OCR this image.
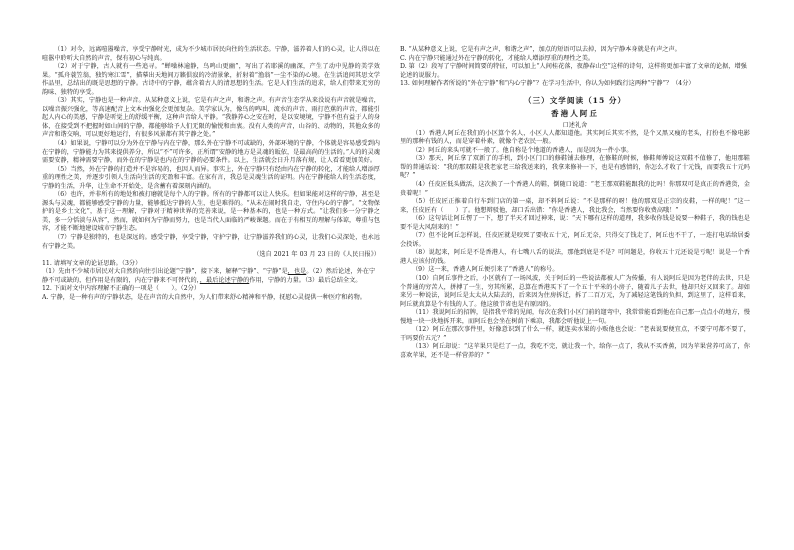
（1）对今，远离喧嚣噪音，享受宁静时光，成为不少城市居民向往的生活状态。宁静，滋养着人们的心灵，让人得以在喧嚣中聆听大自然的声音，保有初心与纯真。

（2）对于宁静，古人就有一些追寻。“蝉噪林逾静，鸟鸣山更幽”，写出了若耶溪的幽深，产生了动中见静的美学效果。“孤舟蓑笠翁，独钓寒江雪”，描摹出天地间万籁俱寂的冷清景象，折射着“渔翁”一尘不染的心境。在生活追问其思文学作品里，总结出的既是思想的宁静。古诗中的宁静，蕴含着古人的清思想的生活。它是人们生活的追求，给人们带来无穷的韵味、独特的享受。

（3）其实，宁静也是一种声音。从某种意义上说，它是有声之声，和谐之声。有声音生态学从来没说有声音就是噪音，以噪音振兴强化，等高速配音上文本由强化会更加复杂。美学家认为，像鸟的鸣叫、流水的声音、雨打芭蕉的声音，都能引起人内心的美感，宁静是听觉上的舒缓平衡，这种声音给人平静。“我静养心之安在时，是以安境境，宁静不但有益于人的身体，在接受到不把握时如山间的宁静，都能够给予人们无限的愉悦和由衷。没有人类的声音，山谷的、动物的，其他众多的声音和谐交响，可以更好地运行，有很多风景都有其宁静之处。”

（4）如果说，宁静可以分为外在宁静与内在宁静，那么外在宁静不可或缺的，外部环境的宁静，个体就是容易感受到内在宁静的，宁静能力为其来提供养分，所以“不”可许多，正所谓“安静的地方是灵魂的皈依，是最高尚的生活的。”人的的灵魂需要安静，精神需要宁静，而外在的宁静是也内在的宁静的必要条件。以上，生活就会日升月落有规，让人看看更加美好。

（5）当然，外在宁静的打造并不是容易的，也因人而异。事实上，外在宁静只有经由内在宁静的转化，才能给人增添厚重的理性之美，并逐步引领人生活向生活的充盈和丰富。在家有言，我总是灵魂生活的证明。内在宁静能给人的生活态度，宁静的生活，升华，让生命不开始处，是含蓄有着深刻内涵的。

（6）也许，并非所有的地处和被打磨就是每个人的宁静。所有的宁静都可以让人快乐。但如果能对这样的宁静，甚至是源头与灵魂，都能够感受宁静的力量，能够抵达宁静的人生，也是难得的。“从未在闹时我自走，守住内心的宁静”。“文物保护的是乡土文化”，基于这一理解，宁静对于精神世界的完善来说，是一种基本的，也是一种方式。“让我们多一分宁静之美，多一分恬淡与从容”，然而，就如何为宁静而努力，也是当代人面临的严峻课题。而在于有相互的理解与体谅，尊重与包容，才能不断地建设城市宁静生态。

（7）宁静是独特的，也是深远的。感受宁静，享受宁静，守护宁静，让宁静滋养我们的心灵，让我们心灵深处，也永远有宁静之美。

（选自 2021 年 03 月 23 日的《人民日报》）

11. 请填写文章的论证思路。（3分）

（1）先由不少城市居民对大自然的向往引出论题“宁静”，接下来，解释“宁静”、“宁静”是，也是。（2）然后论述，外在宁静不可或缺的，但作用是有限的，内在宁静来不可替代的，，最后论述宁静的作用，宁静的力量。（3）最后总结全文。

12. 下面对文中内容理解不正确的一项是（　　）。（2分）

A. 宁静，是一种有声的宁静状态，是在声音的大自然中，为人们带来舒心精神和平静，抚慰心灵提供一种医疗和药物。

B. “从某种意义上说，它是有声之声，和谐之声”，加点的短语可以去掉，因为宁静本身就是有声之声。

C. 内在宁静只能通过外在宁静的转化，才能给人增添厚重的理性之美。

D. 第（2）段写了宁静时间简要的特征，可以加上“人间桂花落，夜静春山空”这样的诗句，这样将更加丰富了文章的论据，增强论述的说服力。

13. 如何理解作者所说的“外在宁静”和“内心宁静”？在学习生活中，你认为如何践行这两种“宁静”？（4分）

（三）文学阅读（15 分）
香港人阿丘
口述礼舍

（1）香港人阿丘在我们的小区算个名人，小区人人都知道他。其实阿丘其实不然，是个又黑又瘦的老头，打扮也不像电影里的那种有钱的人，而是穿着朴素，就像个老农民一般。

（2）阿丘的来头可就不一般了。他自称是个地道的香港人，而是因为一件小事。

（3）那天，阿丘拿了双新了的手机，到小区门口的修鞋铺去修理，在修鞋的时候，修鞋师傅说这双鞋不值修了，他用那鞋帮的普通话说：“我的那双鞋是我老家老三给我送来的，我拿来修补一下，也是有感情的，你怎么才收了十元钱，而要我五十元吗呢？”

（4）任皮匠低头做活，这次换了一个香港人的鞋，倒随口说道：“老王那双鞋能跟我的比吗！你那双可是真正的香港货，金贵着呢！”

（5）任皮匠正推着自行车到门店的第一桌，却不料阿丘说：“不是那样的呀！他的那双是正宗的皮鞋，一样的呢！”这一来，任皮匠有（　　）了。他想辩驳他，却口舌出错：“你是香港人，我比我会，当然要你收费高哦！”

（6）这句话让阿丘愣了一下，想了半天才回过神来，说：“天下哪有这样的道理，我多收你钱是说要一种鞋子，我的钱也是要不是大风刮来的！”

（7）但不论阿丘怎样说，任皮匠就是咬死了要收五十元，阿丘无奈，只得交了钱走了，阿丘也不干了，一连打电话给居委会投诉。

（8）说起来，阿丘是不是香港人，有七嘴八舌的说法，那他到底是不是？可问题是，你收五十元还说是亏呢！说是一个香港人应该付的钱。

（9）这一来，香港人阿丘便引来了“香港人”的称号。

（10）自阿丘事件之后，小区就有了一场风波，关于阿丘的一些说法都被人广为传播，有人说阿丘是因为老伴的去世，只是个普通的穷苦人，拼搏了一生，穷其所累，总算在香港买下了一个五十平米的小房子，随着儿子去世，他却只好又回来了。却如来另一种说法，说阿丘是太太从大陆去的，后来因为住房拆迁，拆了二百万元，为了减轻这笔钱的负担，到这里了，这样看来，阿丘就真算是个有钱的人了。他这般节省也是有原因的。

（11）我说阿丘的招牌，是指我平常的见闻，每次在我们小区门前的遛弯中，我常常能看到他在自己那一点点小的地方，慢慢地一块一块地拆开来，而阿丘也会坐在树荫下乘凉，我都会听他说上一句。

（12）阿丘在那次事件里，好像意识到了什么一样，就连卖水果的小贩他也会说：“老表说要便宜点，不要宁可都不要了，干吗要价五元？”

（13）阿丘却说：“这苹果只是烂了一点，我吃不完，就让我一个，给你一点了，我从不买香蕉，因为苹果营养可高了，你喜欢苹果，还不是一样营养的？”
